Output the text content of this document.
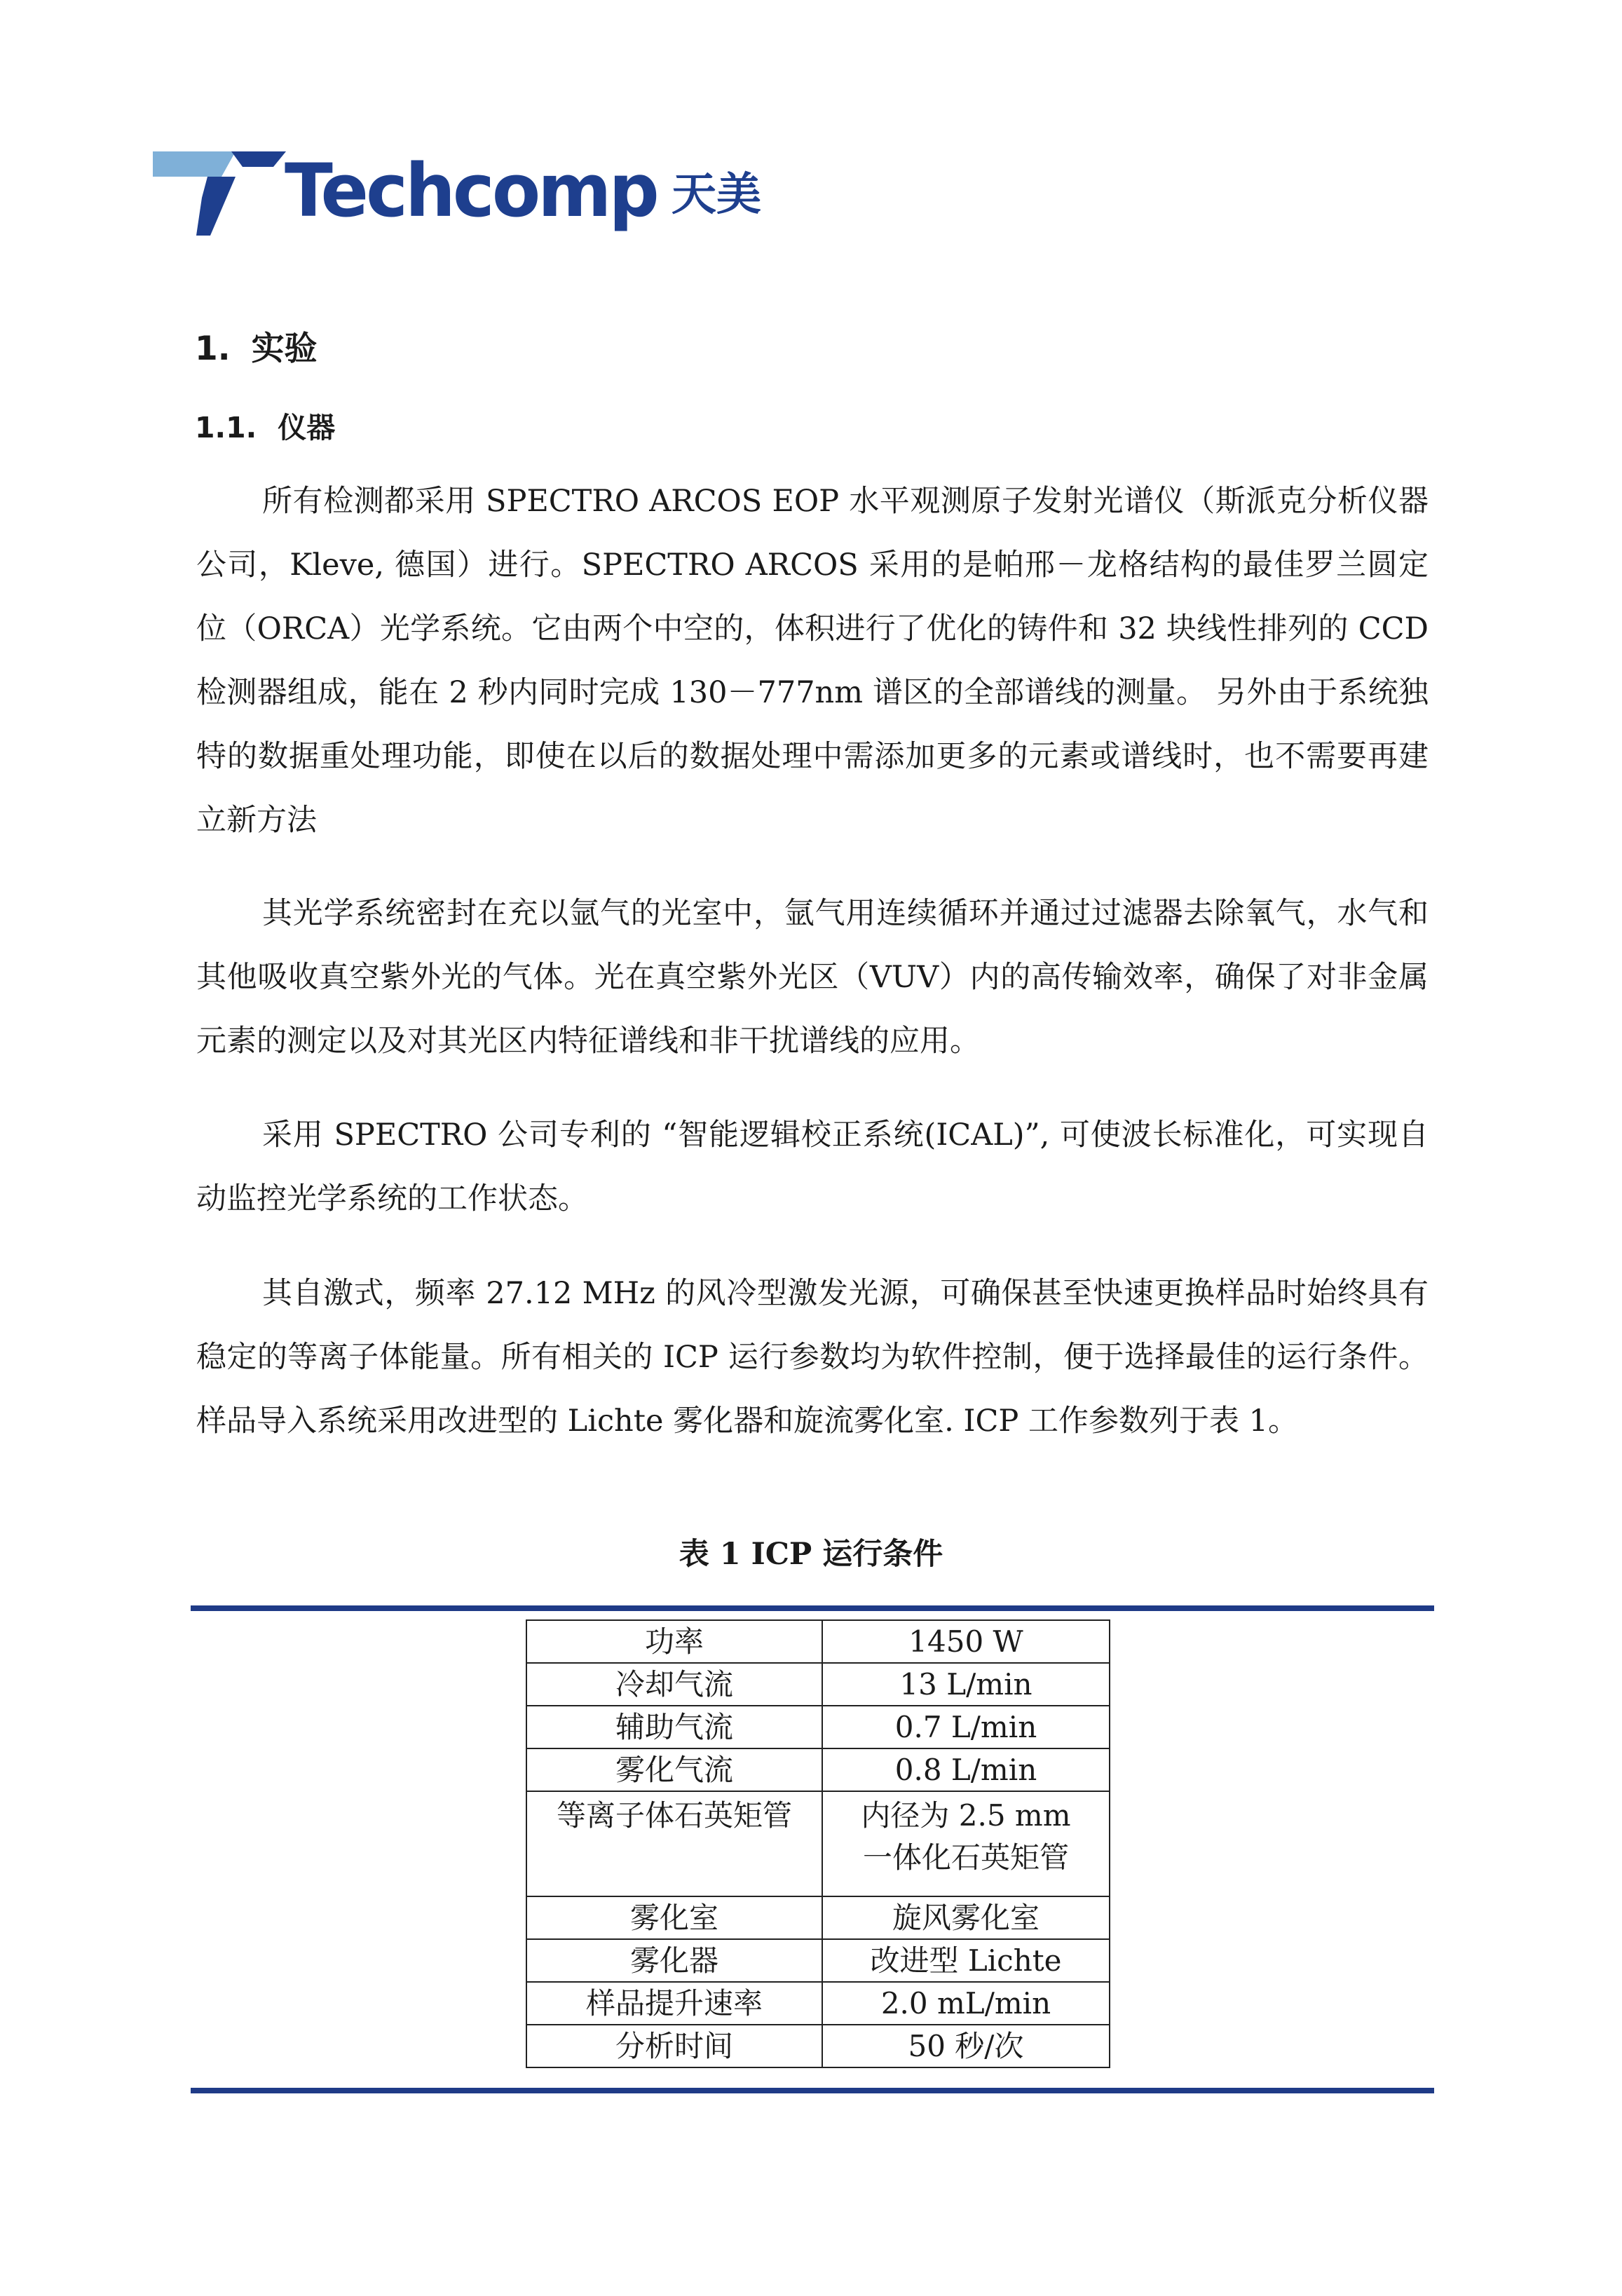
Techcomp 天美
1. 实验
1.1. 仪器

所有检测都采用 SPECTRO ARCOS EOP 水平观测原子发射光谱仪（斯派克分析仪器公司，Kleve, 德国）进行。SPECTRO ARCOS 采用的是帕邢－龙格结构的最佳罗兰圆定位（ORCA）光学系统。它由两个中空的，体积进行了优化的铸件和 32 块线性排列的 CCD 检测器组成，能在 2 秒内同时完成 130－777nm 谱区的全部谱线的测量。 另外由于系统独特的数据重处理功能，即使在以后的数据处理中需添加更多的元素或谱线时，也不需要再建立新方法

其光学系统密封在充以氩气的光室中，氩气用连续循环并通过过滤器去除氧气，水气和其他吸收真空紫外光的气体。光在真空紫外光区（VUV）内的高传输效率，确保了对非金属元素的测定以及对其光区内特征谱线和非干扰谱线的应用。

采用 SPECTRO 公司专利的 “智能逻辑校正系统(ICAL)”, 可使波长标准化，可实现自动监控光学系统的工作状态。

其自激式，频率 27.12 MHz 的风冷型激发光源，可确保甚至快速更换样品时始终具有稳定的等离子体能量。所有相关的 ICP 运行参数均为软件控制，便于选择最佳的运行条件。样品导入系统采用改进型的 Lichte 雾化器和旋流雾化室. ICP 工作参数列于表 1。

表 1 ICP 运行条件
功率	1450 W
冷却气流	13 L/min
辅助气流	0.7 L/min
雾化气流	0.8 L/min
等离子体石英矩管	内径为 2.5 mm
一体化石英矩管

雾化室	旋风雾化室
雾化器	改进型 Lichte
样品提升速率	2.0 mL/min
分析时间	50 秒/次
